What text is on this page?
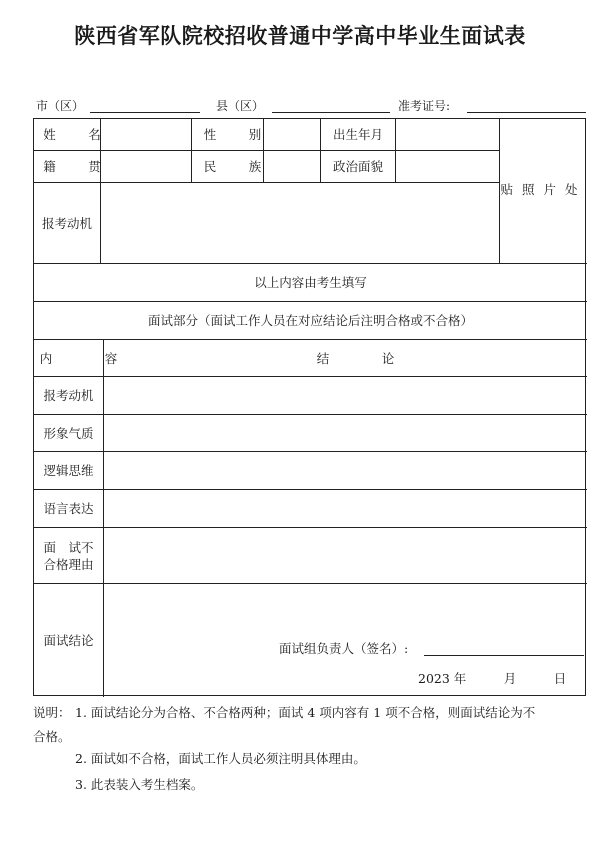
陕西省军队院校招收普通中学高中毕业生面试表
市（区）	县（区）	准考证号:
姓　名	性　别	出生年月
籍　贯	民　族	政治面貌
贴照片处
报考动机
以上内容由考生填写
面试部分（面试工作人员在对应结论后注明合格或不合格）
内　容	结　论
报考动机
形象气质
逻辑思维
语言表达
面　试不合格理由
面试结论	面试组负责人（签名）:
2023 年　　　月　　　日
说明： 1. 面试结论分为合格、不合格两种；面试 4 项内容有 1 项不合格，则面试结论为不
合格。
2. 面试如不合格，面试工作人员必须注明具体理由。
3. 此表装入考生档案。
